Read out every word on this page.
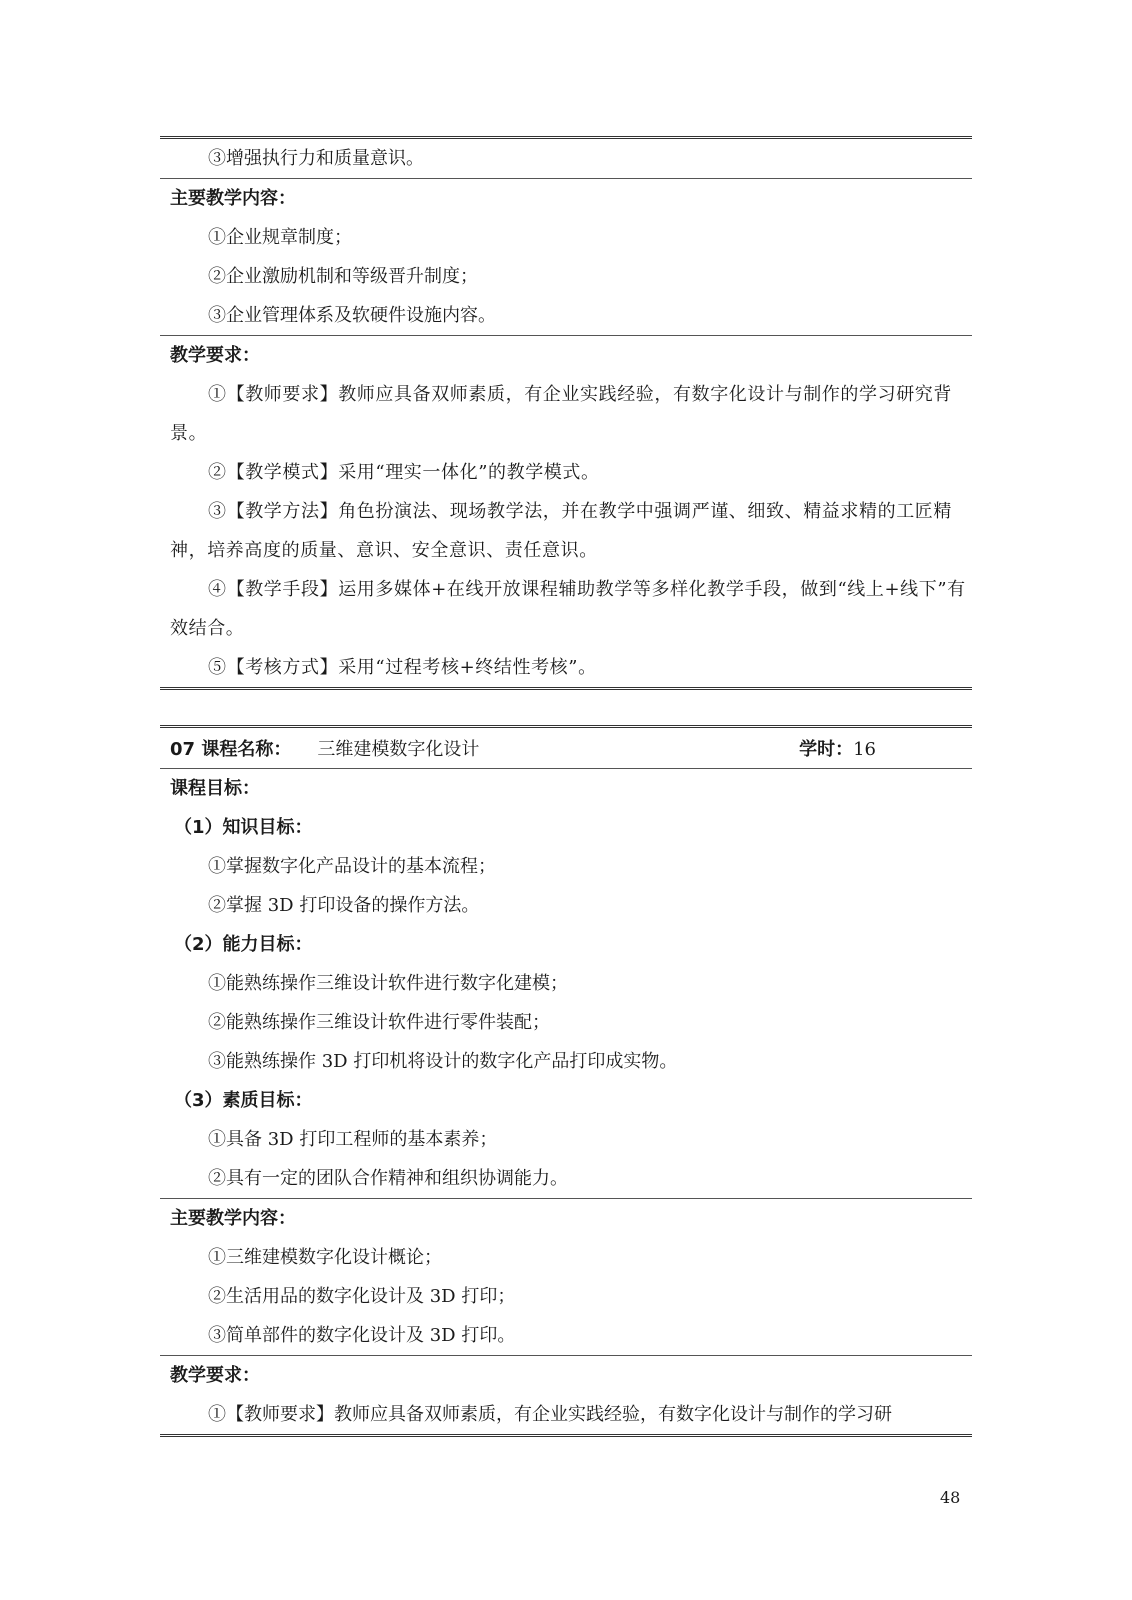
③增强执行力和质量意识。
主要教学内容：
①企业规章制度；
②企业激励机制和等级晋升制度；
③企业管理体系及软硬件设施内容。
教学要求：
①【教师要求】教师应具备双师素质，有企业实践经验，有数字化设计与制作的学习研究背景。
②【教学模式】采用“理实一体化”的教学模式。
③【教学方法】角色扮演法、现场教学法，并在教学中强调严谨、细致、精益求精的工匠精神，培养高度的质量、意识、安全意识、责任意识。
④【教学手段】运用多媒体+在线开放课程辅助教学等多样化教学手段，做到“线上+线下”有效结合。
⑤【考核方式】采用“过程考核+终结性考核”。
07 课程名称： 三维建模数字化设计	学时：16
课程目标：
（1）知识目标：
①掌握数字化产品设计的基本流程；
②掌握 3D 打印设备的操作方法。
（2）能力目标：
①能熟练操作三维设计软件进行数字化建模；
②能熟练操作三维设计软件进行零件装配；
③能熟练操作 3D 打印机将设计的数字化产品打印成实物。
（3）素质目标：
①具备 3D 打印工程师的基本素养；
②具有一定的团队合作精神和组织协调能力。
主要教学内容：
①三维建模数字化设计概论；
②生活用品的数字化设计及 3D 打印；
③简单部件的数字化设计及 3D 打印。
教学要求：
①【教师要求】教师应具备双师素质，有企业实践经验，有数字化设计与制作的学习研
48
